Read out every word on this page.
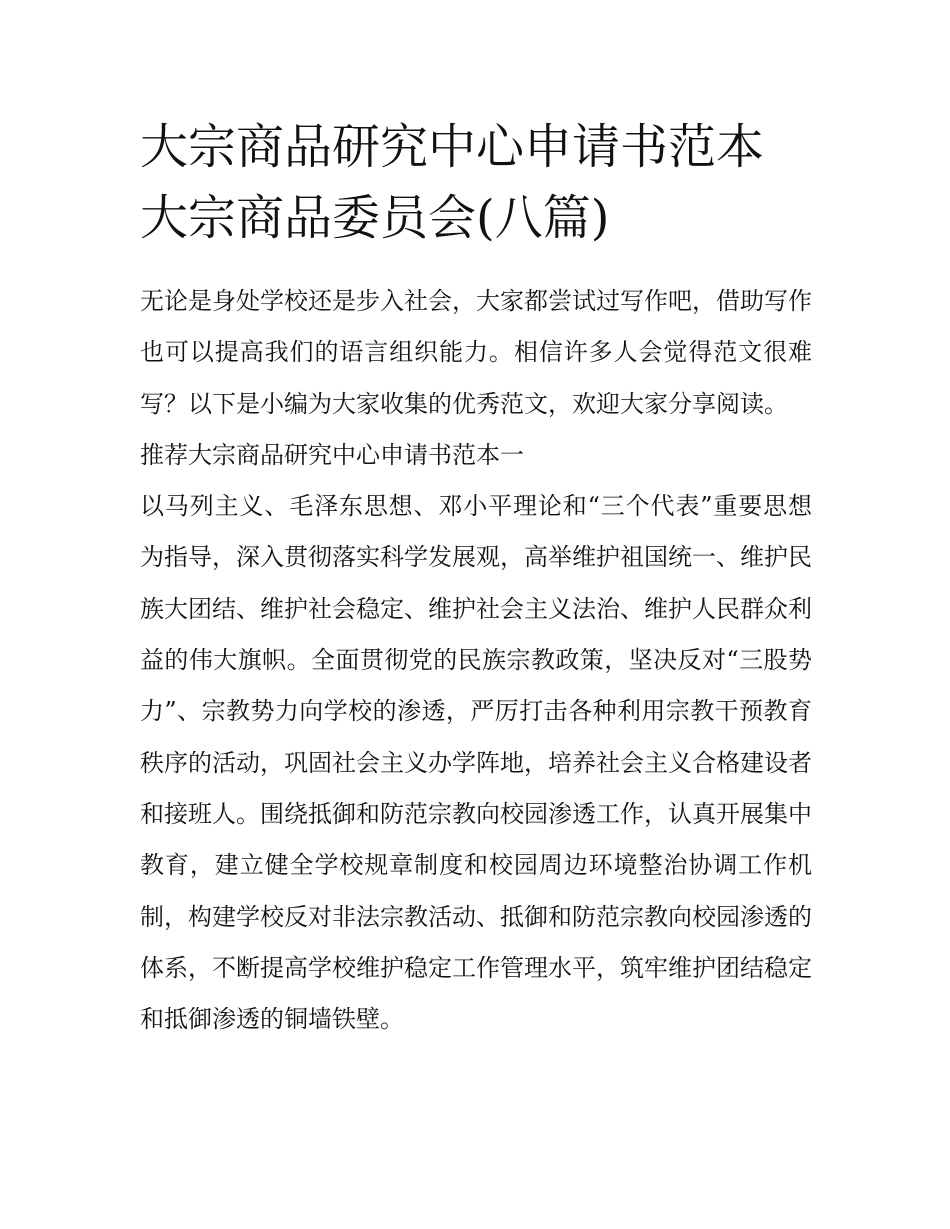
大宗商品研究中心申请书范本
大宗商品委员会(八篇)

无论是身处学校还是步入社会，大家都尝试过写作吧，借助写作也可以提高我们的语言组织能力。相信许多人会觉得范文很难写？以下是小编为大家收集的优秀范文，欢迎大家分享阅读。

推荐大宗商品研究中心申请书范本一

以马列主义、毛泽东思想、邓小平理论和“三个代表”重要思想为指导，深入贯彻落实科学发展观，高举维护祖国统一、维护民族大团结、维护社会稳定、维护社会主义法治、维护人民群众利益的伟大旗帜。全面贯彻党的民族宗教政策，坚决反对“三股势力”、宗教势力向学校的渗透，严厉打击各种利用宗教干预教育秩序的活动，巩固社会主义办学阵地，培养社会主义合格建设者和接班人。围绕抵御和防范宗教向校园渗透工作，认真开展集中教育，建立健全学校规章制度和校园周边环境整治协调工作机制，构建学校反对非法宗教活动、抵御和防范宗教向校园渗透的体系，不断提高学校维护稳定工作管理水平，筑牢维护团结稳定和抵御渗透的铜墙铁壁。
